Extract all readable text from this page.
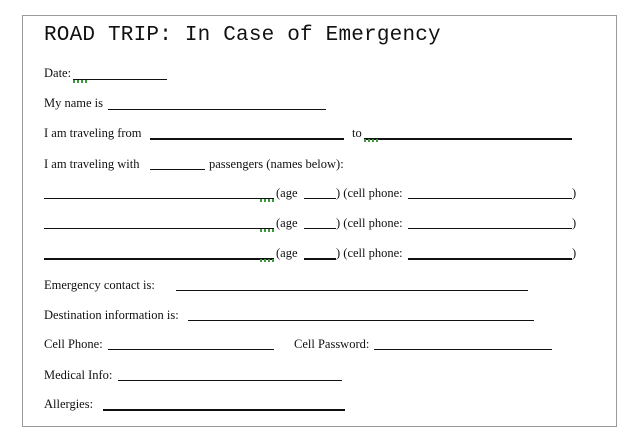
ROAD TRIP: In Case of Emergency
Date:
My name is
I am traveling from	to
I am traveling with	passengers (names below):
(age	) (cell phone:	)
(age	) (cell phone:	)
(age	) (cell phone:	)
Emergency contact is:
Destination information is:
Cell Phone:	Cell Password:
Medical Info:
Allergies:
